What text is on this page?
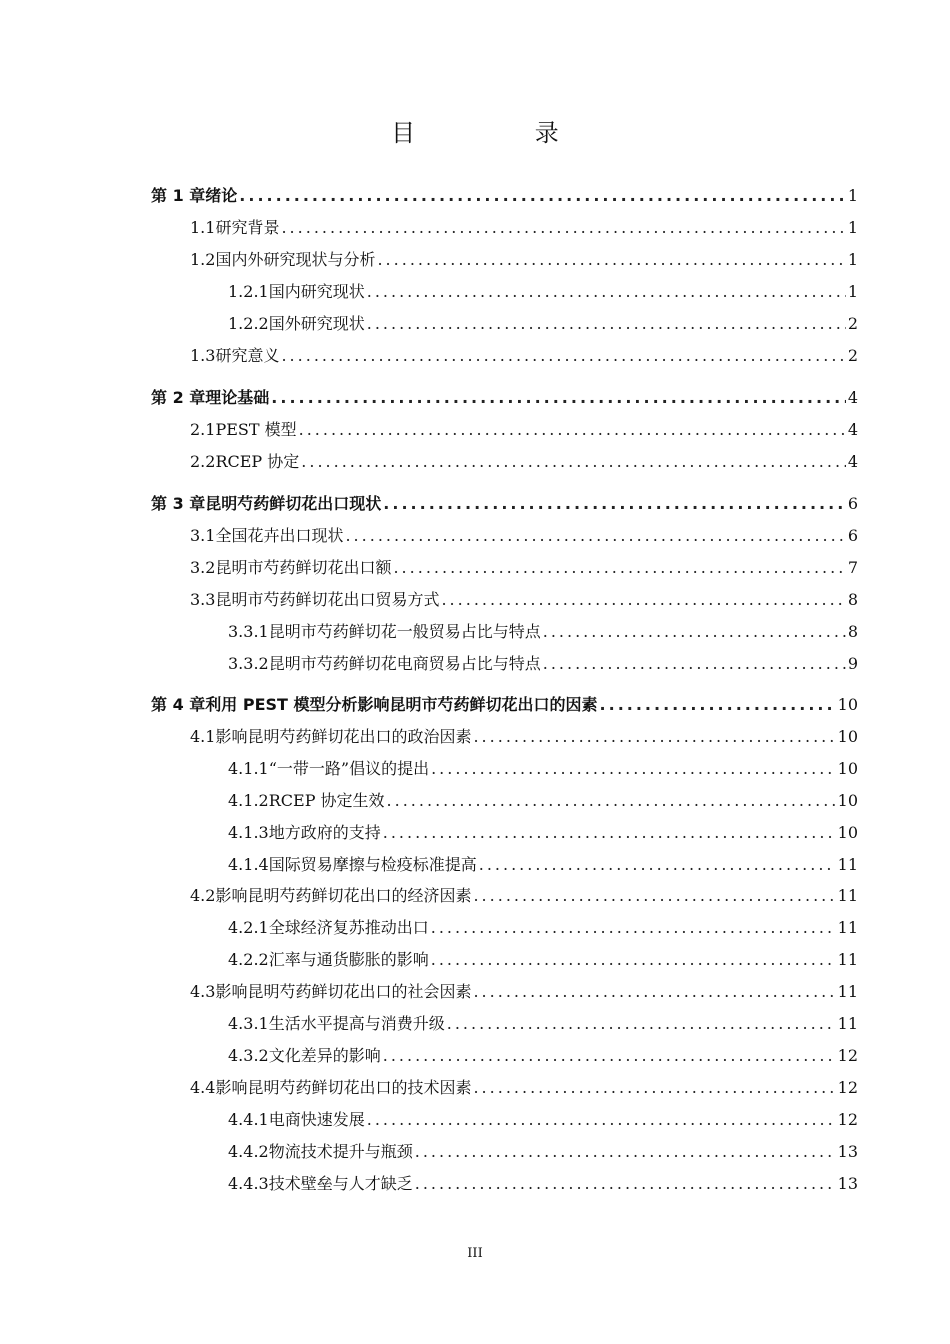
目 录
第 1 章 绪论 .....	1
1.1 研究背景 .....	1
1.2 国内外研究现状与分析 .....	1
1.2.1 国内研究现状 .....	1
1.2.2 国外研究现状 .....	2
1.3 研究意义 .....	2
第 2 章 理论基础 .....	4
2.1 PEST 模型 .....	4
2.2 RCEP 协定 .....	4
第 3 章 昆明芍药鲜切花出口现状 .....	6
3.1 全国花卉出口现状 .....	6
3.2 昆明市芍药鲜切花出口额 .....	7
3.3 昆明市芍药鲜切花出口贸易方式 .....	8
3.3.1 昆明市芍药鲜切花一般贸易占比与特点 .....	8
3.3.2 昆明市芍药鲜切花电商贸易占比与特点 .....	9
第 4 章 利用 PEST 模型分析影响昆明市芍药鲜切花出口的因素 .....	10
4.1 影响昆明芍药鲜切花出口的政治因素 .....	10
4.1.1 “一带一路”倡议的提出 .....	10
4.1.2 RCEP 协定生效 .....	10
4.1.3 地方政府的支持 .....	10
4.1.4 国际贸易摩擦与检疫标准提高 .....	11
4.2 影响昆明芍药鲜切花出口的经济因素 .....	11
4.2.1 全球经济复苏推动出口 .....	11
4.2.2 汇率与通货膨胀的影响 .....	11
4.3 影响昆明芍药鲜切花出口的社会因素 .....	11
4.3.1 生活水平提高与消费升级 .....	11
4.3.2 文化差异的影响 .....	12
4.4 影响昆明芍药鲜切花出口的技术因素 .....	12
4.4.1 电商快速发展 .....	12
4.4.2 物流技术提升与瓶颈 .....	13
4.4.3 技术壁垒与人才缺乏 .....	13
III
